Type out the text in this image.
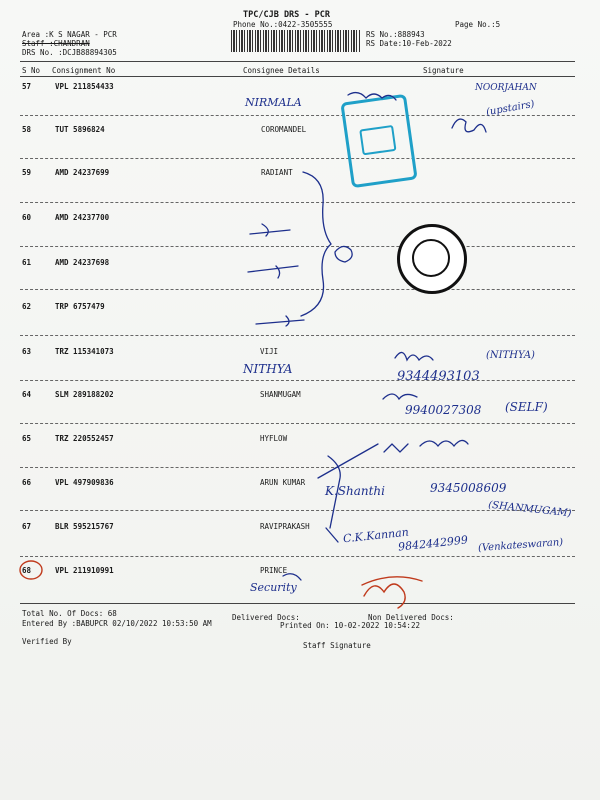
TPC/CJB DRS - PCR
Phone No.:0422-3505555	Page No.:5
Area :K S NAGAR - PCR
Staff :CHANDRAN
DRS No. :DCJB88894305
RS No.:888943
RS Date:10-Feb-2022
S No Consignment No	Consignee Details	Signature
57	VPL 211854433
58	TUT 5896824	COROMANDEL
59	AMD 24237699	RADIANT
60	AMD 24237700
61	AMD 24237698
62	TRP 6757479
63	TRZ 115341073	VIJI
64	SLM 289188202	SHANMUGAM
65	TRZ 220552457	HYFLOW
66	VPL 497909836	ARUN KUMAR
67	BLR 595215767	RAVIPRAKASH
68	VPL 211910991	PRINCE
Total No. Of Docs: 68	Delivered Docs:	Non Delivered Docs:
Entered By :BABUPCR 02/10/2022 10:53:50 AM	Printed On: 10-02-2022 10:54:22
Verified By	Staff Signature
NIRMALA
NOORJAHAN
(upstairs)
NITHYA
(NITHYA)
9344493103
9940027308 (SELF)
K.Shanthi	9345008609
(SHANMUGAM)
C.K.Kannan
9842442999 (Venkateswaran)
Security
